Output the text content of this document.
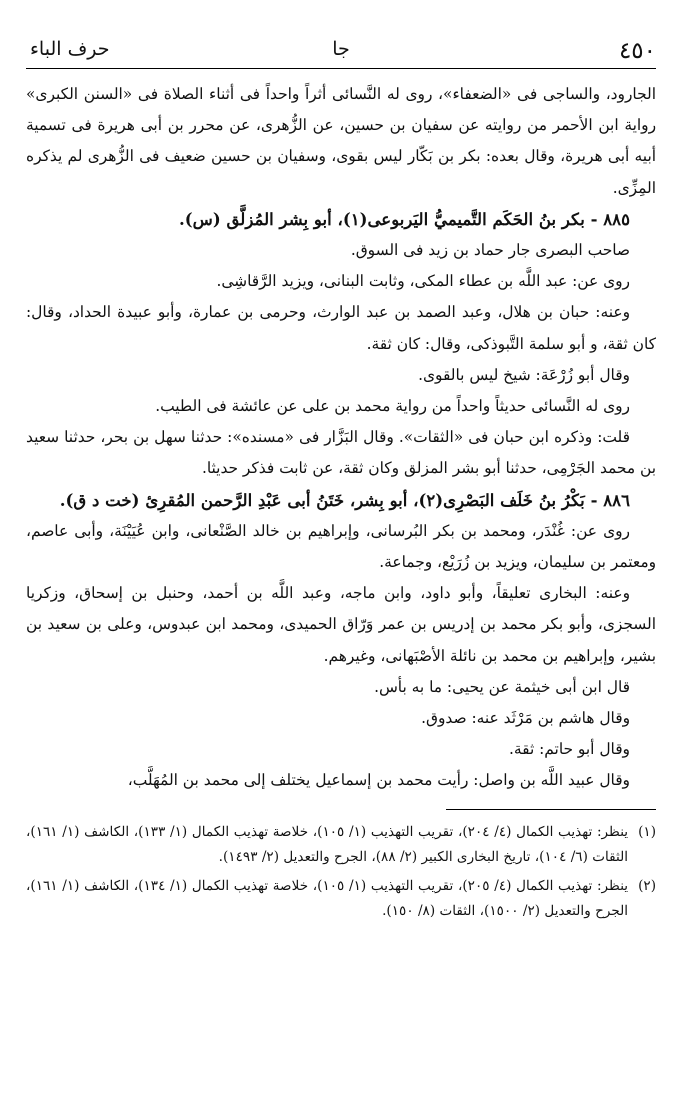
٤٥٠
جا
حرف الباء

الجارود، والساجى فى «الضعفاء»، روى له النَّسائى أثراً واحداً فى أثناء الصلاة فى «السنن الكبرى» رواية ابن الأحمر من روايته عن سفيان بن حسين، عن الزُّهرى، عن محرر بن أبى هريرة فى تسمية أبيه أبى هريرة، وقال بعده: بكر بن بَكّار ليس بقوى، وسفيان بن حسين ضعيف فى الزُّهرى لم يذكره المِزِّى.

٨٨٥ - بكر بنُ الحَكَم التَّميميُّ اليَربوعى(١)، أبو بِشر المُزلَّق (س).

صاحب البصرى جار حماد بن زيد فى السوق.

روى عن: عبد اللَّه بن عطاء المكى، وثابت البنانى، ويزيد الرَّقاشِى.

وعنه: حبان بن هلال، وعبد الصمد بن عبد الوارث، وحرمى بن عمارة، وأبو عبيدة الحداد، وقال: كان ثقة، و أبو سلمة التَّبوذكى، وقال: كان ثقة.

وقال أبو زُرْعَة: شيخ ليس بالقوى.

روى له النَّسائى حديثاً واحداً من رواية محمد بن على عن عائشة فى الطيب.

قلت: وذكره ابن حبان فى «الثقات». وقال البَزَّار فى «مسنده»: حدثنا سهل بن بحر، حدثنا سعيد بن محمد الجَرْمِى، حدثنا أبو بشر المزلق وكان ثقة، عن ثابت فذكر حديثا.

٨٨٦ - بَكْرُ بنُ خَلَف البَصْرِى(٢)، أبو بِشر، خَتَنُ أبى عَبْدِ الرَّحمن المُقرِئ (خت د ق).

روى عن: غُنْدَر، ومحمد بن بكر البُرسانى، وإبراهيم بن خالد الصَّنْعانى، وابن عُيَيْنَة، وأبى عاصم، ومعتمر بن سليمان، ويزيد بن زُرَيْع، وجماعة.

وعنه: البخارى تعليقاً، وأبو داود، وابن ماجه، وعبد اللَّه بن أحمد، وحنبل بن إسحاق، وزكريا السجزى، وأبو بكر محمد بن إدريس بن عمر وَرّاق الحميدى، ومحمد ابن عبدوس، وعلى بن سعيد بن بشير، وإبراهيم بن محمد بن نائلة الأصْبَهانى، وغيرهم.

قال ابن أبى خيثمة عن يحيى: ما به بأس.

وقال هاشم بن مَرْثَد عنه: صدوق.

وقال أبو حاتم: ثقة.

وقال عبيد اللَّه بن واصل: رأيت محمد بن إسماعيل يختلف إلى محمد بن المُهَلَّب،

(١)
ينظر: تهذيب الكمال (٤/ ٢٠٤)، تقريب التهذيب (١/ ١٠٥)، خلاصة تهذيب الكمال (١/ ١٣٣)، الكاشف (١/ ١٦١)، الثقات (٦/ ١٠٤)، تاريخ البخارى الكبير (٢/ ٨٨)، الجرح والتعديل (٢/ ١٤٩٣).
(٢)
ينظر: تهذيب الكمال (٤/ ٢٠٥)، تقريب التهذيب (١/ ١٠٥)، خلاصة تهذيب الكمال (١/ ١٣٤)، الكاشف (١/ ١٦١)، الجرح والتعديل (٢/ ١٥٠٠)، الثقات (٨/ ١٥٠).
